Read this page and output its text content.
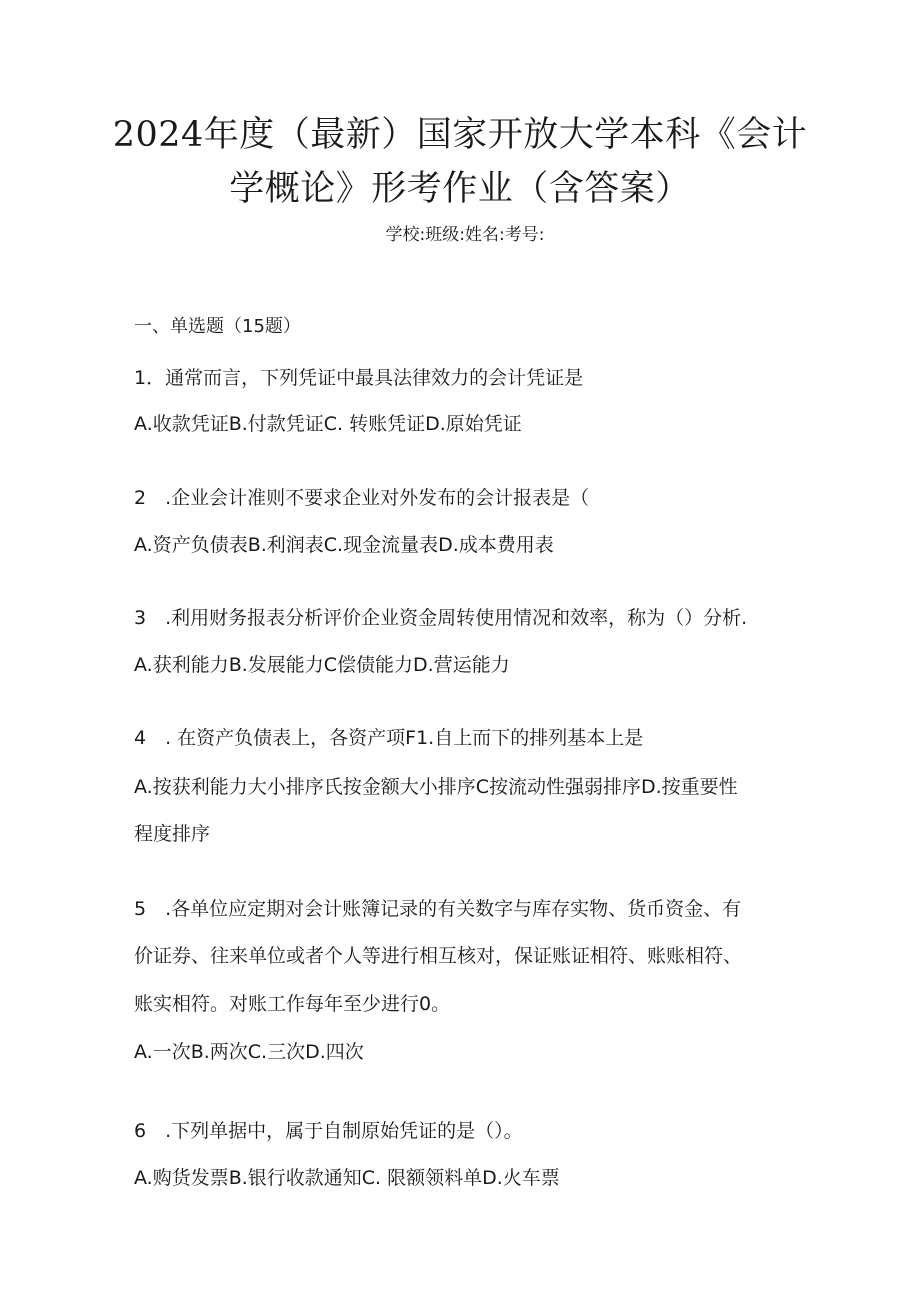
2024年度（最新）国家开放大学本科《会计
学概论》形考作业（含答案）
学校:班级:姓名:考号:
一、单选题（15题）
1．通常而言，下列凭证中最具法律效力的会计凭证是
A.收款凭证B.付款凭证C. 转账凭证D.原始凭证
2　.企业会计准则不要求企业对外发布的会计报表是（
A.资产负债表B.利润表C.现金流量表D.成本费用表
3　.利用财务报表分析评价企业资金周转使用情况和效率，称为（）分析.
A.获利能力B.发展能力C偿债能力D.营运能力
4　. 在资产负债表上，各资产项F1.自上而下的排列基本上是
A.按获利能力大小排序氏按金额大小排序C按流动性强弱排序D.按重要性
程度排序
5　.各单位应定期对会计账簿记录的有关数字与库存实物、货币资金、有
价证券、往来单位或者个人等进行相互核对，保证账证相符、账账相符、
账实相符。对账工作每年至少进行0。
A.一次B.两次C.三次D.四次
6　.下列单据中，属于自制原始凭证的是（）。
A.购货发票B.银行收款通知C. 限额领料单D.火车票
